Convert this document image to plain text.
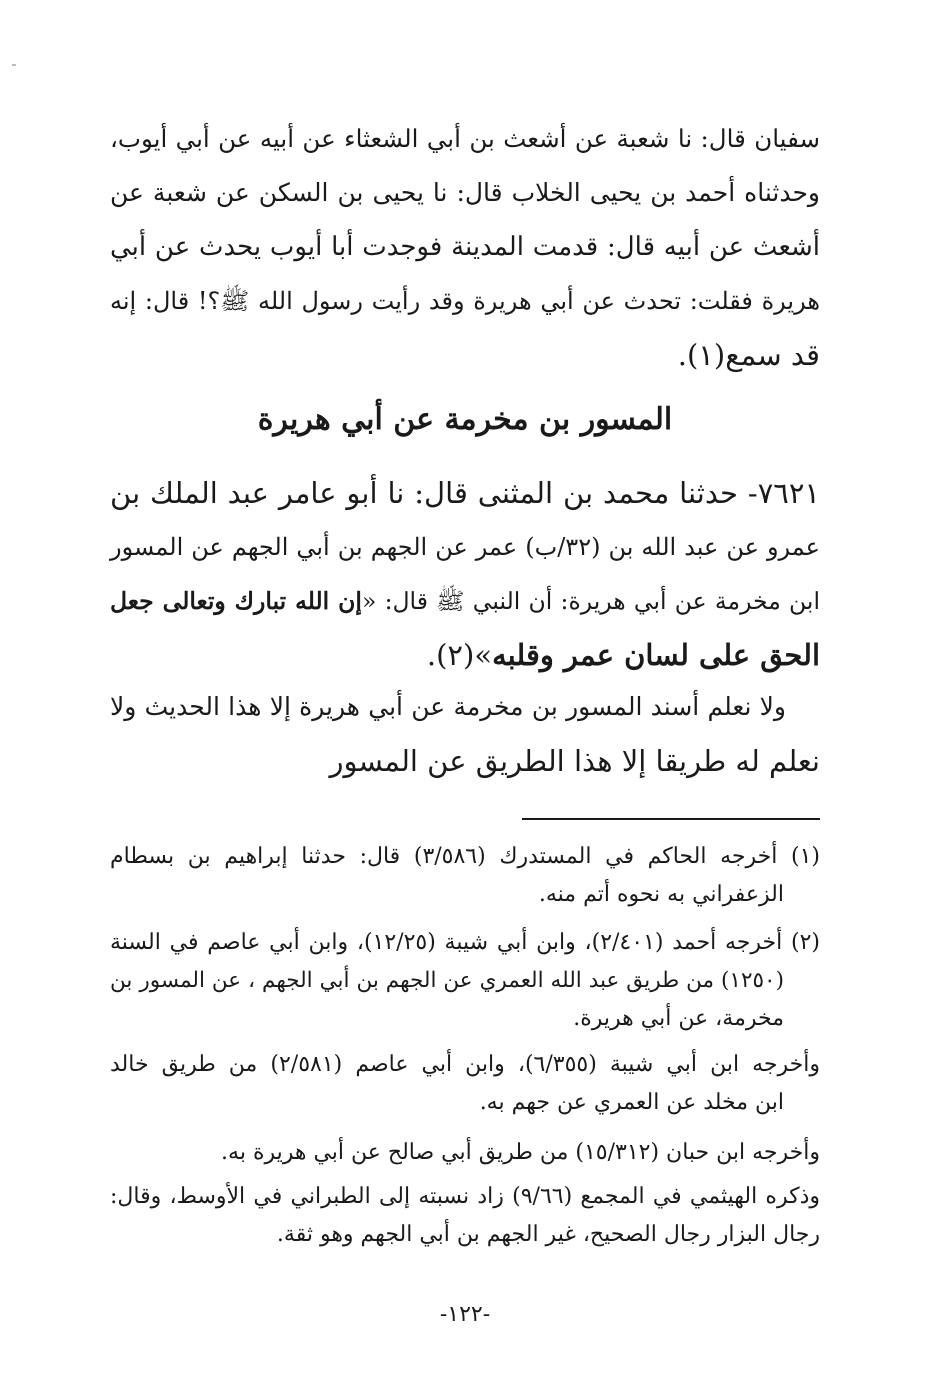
سفيان قال: نا شعبة عن أشعث بن أبي الشعثاء عن أبيه عن أبي أيوب،
وحدثناه أحمد بن يحيى الخلاب قال: نا يحيى بن السكن عن شعبة عن
أشعث عن أبيه قال: قدمت المدينة فوجدت أبا أيوب يحدث عن أبي
هريرة فقلت: تحدث عن أبي هريرة وقد رأيت رسول الله ﷺ؟! قال: إنه
قد سمع(١).
المسور بن مخرمة عن أبي هريرة
٧٦٢١- حدثنا محمد بن المثنى قال: نا أبو عامر عبد الملك بن
عمرو عن عبد الله بن (٣٢/ب) عمر عن الجهم بن أبي الجهم عن المسور
ابن مخرمة عن أبي هريرة: أن النبي ﷺ قال: «إن الله تبارك وتعالى جعل
الحق على لسان عمر وقلبه»(٢).
ولا نعلم أسند المسور بن مخرمة عن أبي هريرة إلا هذا الحديث ولا
نعلم له طريقا إلا هذا الطريق عن المسور
(١) أخرجه الحاكم في المستدرك (٣/٥٨٦) قال: حدثنا إبراهيم بن بسطام
الزعفراني به نحوه أتم منه.
(٢) أخرجه أحمد (٢/٤٠١)، وابن أبي شيبة (١٢/٢٥)، وابن أبي عاصم في السنة
(١٢٥٠) من طريق عبد الله العمري عن الجهم بن أبي الجهم ، عن المسور بن
مخرمة، عن أبي هريرة.
وأخرجه ابن أبي شيبة (٦/٣٥٥)، وابن أبي عاصم (٢/٥٨١) من طريق خالد
ابن مخلد عن العمري عن جهم به.
وأخرجه ابن حبان (١٥/٣١٢) من طريق أبي صالح عن أبي هريرة به.
وذكره الهيثمي في المجمع (٩/٦٦) زاد نسبته إلى الطبراني في الأوسط، وقال:
رجال البزار رجال الصحيح، غير الجهم بن أبي الجهم وهو ثقة.
-١٢٢-
